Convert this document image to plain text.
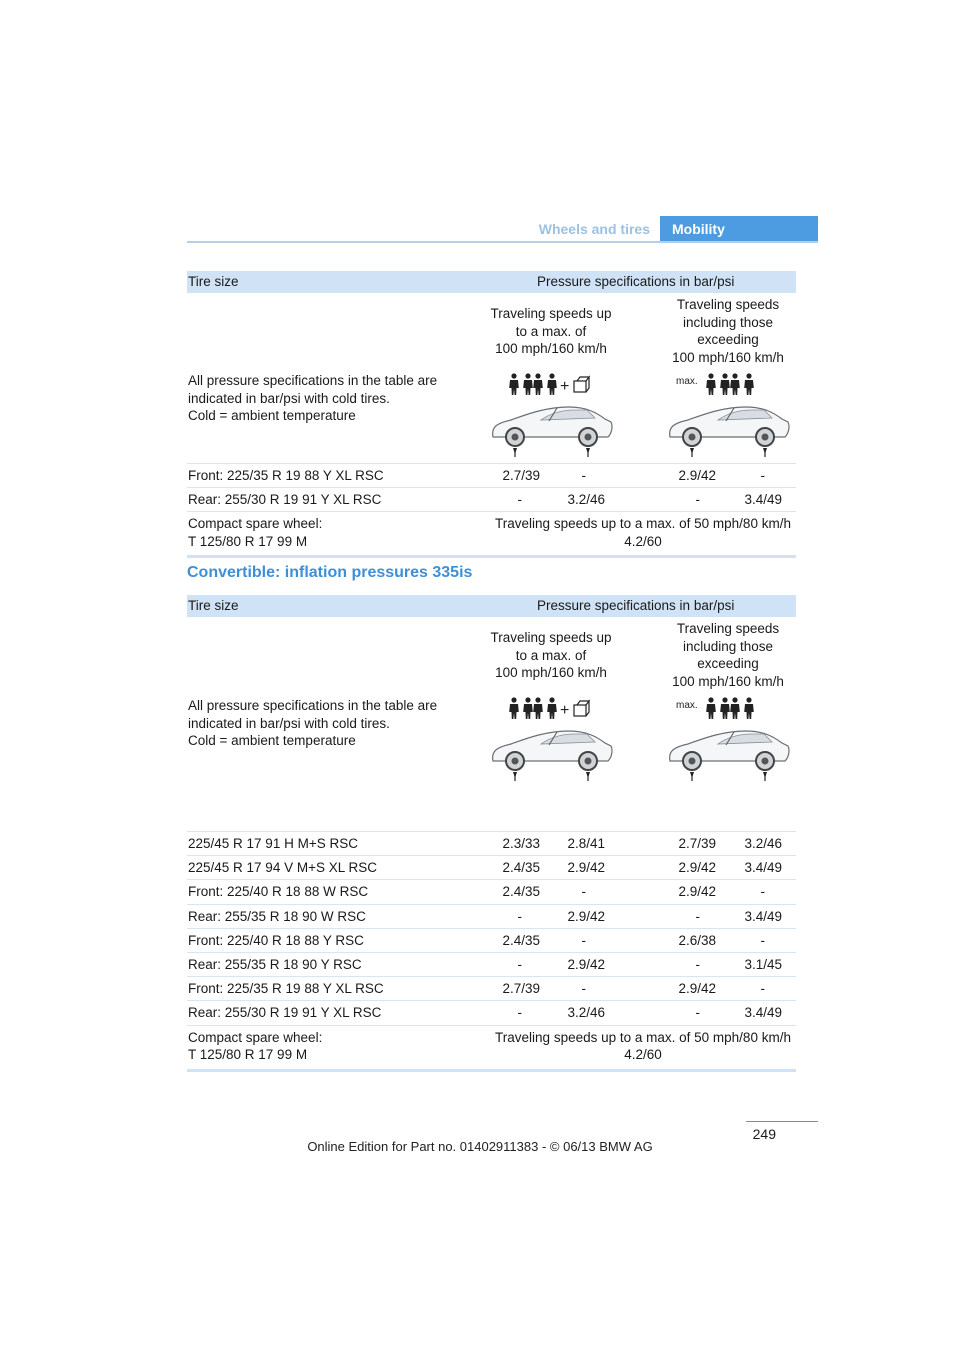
Wheels and tires	Mobility
Tire size	Pressure specifications in bar/psi
Traveling speeds up
to a max. of
100 mph/160 km/h
Traveling speeds
including those
exceeding
100 mph/160 km/h
All pressure specifications in the table are
indicated in bar/psi with cold tires.
Cold = ambient temperature
+	max.
Front: 225/35 R 19 88 Y XL RSC	2.7/39	-	2.9/42	-
Rear: 255/30 R 19 91 Y XL RSC	-	3.2/46	-	3.4/49
Compact spare wheel:
T 125/80 R 17 99 M
Traveling speeds up to a max. of 50 mph/80 km/h
4.2/60
Convertible: inflation pressures 335is
Tire size	Pressure specifications in bar/psi
Traveling speeds up
to a max. of
100 mph/160 km/h
Traveling speeds
including those
exceeding
100 mph/160 km/h
All pressure specifications in the table are
indicated in bar/psi with cold tires.
Cold = ambient temperature
+	max.
225/45 R 17 91 H M+S RSC	2.3/33	2.8/41	2.7/39	3.2/46
225/45 R 17 94 V M+S XL RSC	2.4/35	2.9/42	2.9/42	3.4/49
Front: 225/40 R 18 88 W RSC	2.4/35	-	2.9/42	-
Rear: 255/35 R 18 90 W RSC	-	2.9/42	-	3.4/49
Front: 225/40 R 18 88 Y RSC	2.4/35	-	2.6/38	-
Rear: 255/35 R 18 90 Y RSC	-	2.9/42	-	3.1/45
Front: 225/35 R 19 88 Y XL RSC	2.7/39	-	2.9/42	-
Rear: 255/30 R 19 91 Y XL RSC	-	3.2/46	-	3.4/49
Compact spare wheel:
T 125/80 R 17 99 M
Traveling speeds up to a max. of 50 mph/80 km/h
4.2/60
249
Online Edition for Part no. 01402911383 - © 06/13 BMW AG
